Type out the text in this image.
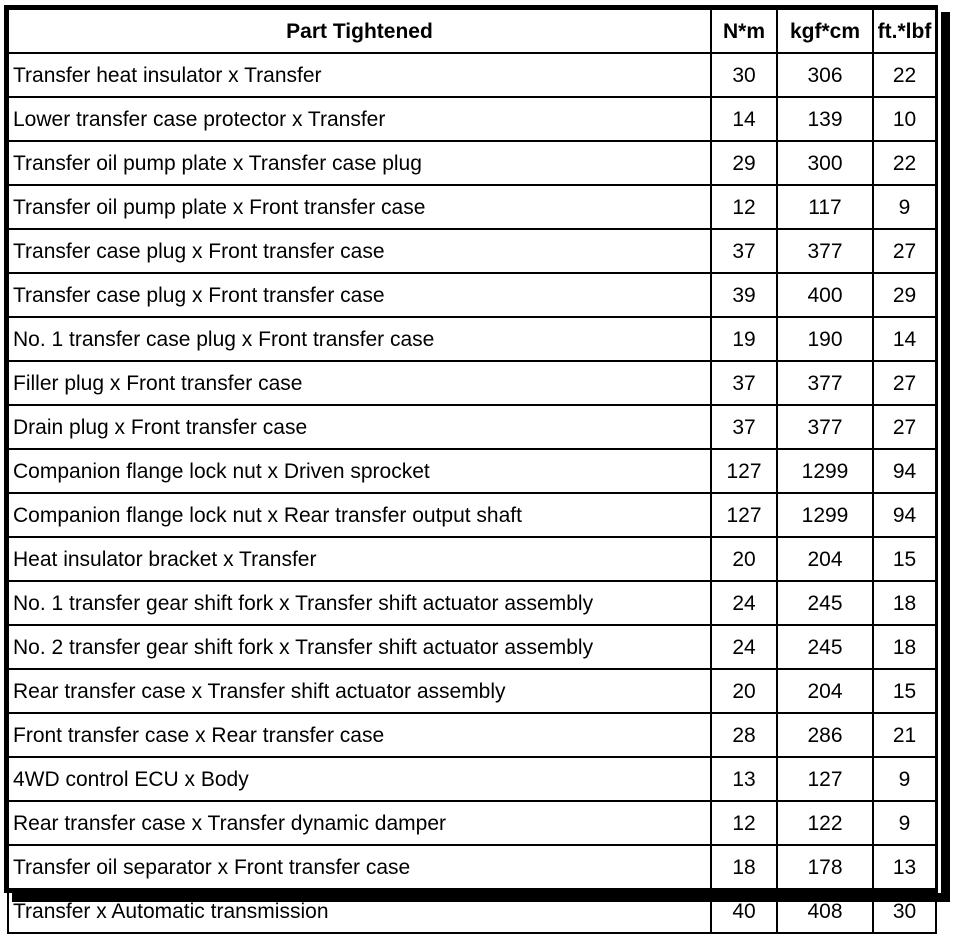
Part Tightened	N*m	kgf*cm	ft.*lbf
Transfer heat insulator x Transfer	30	306	22
Lower transfer case protector x Transfer	14	139	10
Transfer oil pump plate x Transfer case plug	29	300	22
Transfer oil pump plate x Front transfer case	12	117	9
Transfer case plug x Front transfer case	37	377	27
Transfer case plug x Front transfer case	39	400	29
No. 1 transfer case plug x Front transfer case	19	190	14
Filler plug x Front transfer case	37	377	27
Drain plug x Front transfer case	37	377	27
Companion flange lock nut x Driven sprocket	127	1299	94
Companion flange lock nut x Rear transfer output shaft	127	1299	94
Heat insulator bracket x Transfer	20	204	15
No. 1 transfer gear shift fork x Transfer shift actuator assembly	24	245	18
No. 2 transfer gear shift fork x Transfer shift actuator assembly	24	245	18
Rear transfer case x Transfer shift actuator assembly	20	204	15
Front transfer case x Rear transfer case	28	286	21
4WD control ECU x Body	13	127	9
Rear transfer case x Transfer dynamic damper	12	122	9
Transfer oil separator x Front transfer case	18	178	13
Transfer x Automatic transmission	40	408	30
